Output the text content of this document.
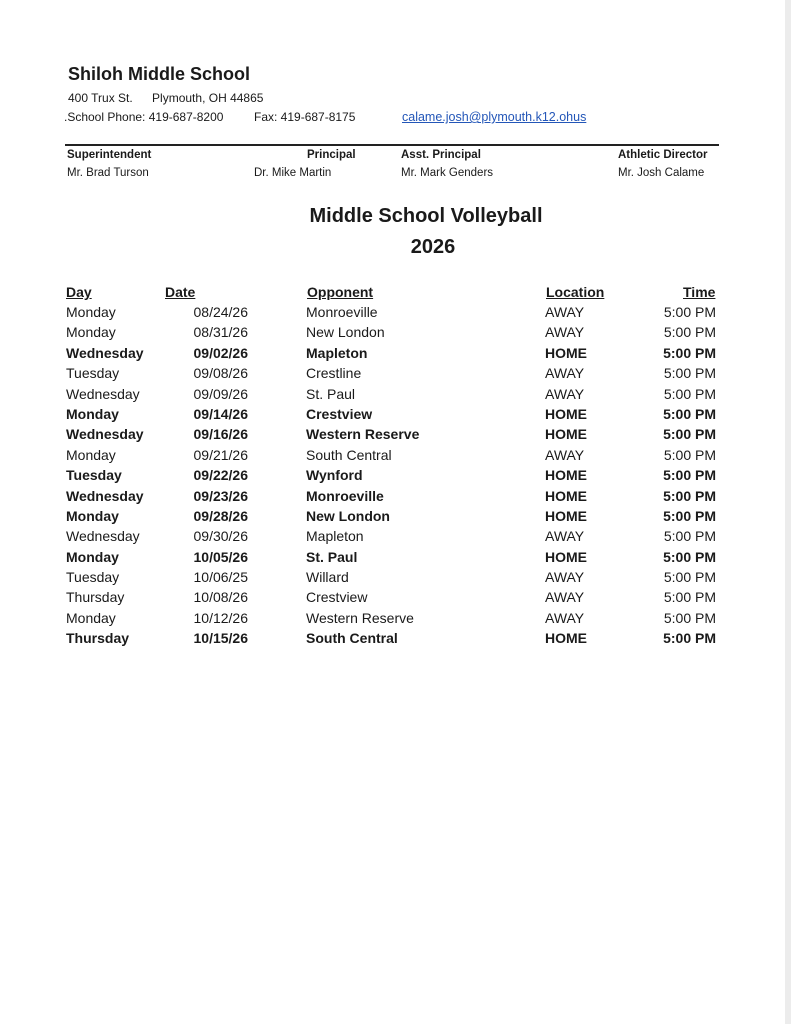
Shiloh Middle School
400 Trux St. Plymouth, OH 44865
.School Phone: 419-687-8200	Fax: 419-687-8175	calame.josh@plymouth.k12.ohus
Superintendent
Mr. Brad Turson
Principal
Dr. Mike Martin
Asst. Principal
Mr. Mark Genders
Athletic Director
Mr. Josh Calame
Middle School Volleyball
2026
Day	Date	Opponent	Location	Time
Monday	08/24/26	Monroeville	AWAY	5:00 PM
Monday	08/31/26	New London	AWAY	5:00 PM
Wednesday	09/02/26	Mapleton	HOME	5:00 PM
Tuesday	09/08/26	Crestline	AWAY	5:00 PM
Wednesday	09/09/26	St. Paul	AWAY	5:00 PM
Monday	09/14/26	Crestview	HOME	5:00 PM
Wednesday	09/16/26	Western Reserve	HOME	5:00 PM
Monday	09/21/26	South Central	AWAY	5:00 PM
Tuesday	09/22/26	Wynford	HOME	5:00 PM
Wednesday	09/23/26	Monroeville	HOME	5:00 PM
Monday	09/28/26	New London	HOME	5:00 PM
Wednesday	09/30/26	Mapleton	AWAY	5:00 PM
Monday	10/05/26	St. Paul	HOME	5:00 PM
Tuesday	10/06/25	Willard	AWAY	5:00 PM
Thursday	10/08/26	Crestview	AWAY	5:00 PM
Monday	10/12/26	Western Reserve	AWAY	5:00 PM
Thursday	10/15/26	South Central	HOME	5:00 PM
